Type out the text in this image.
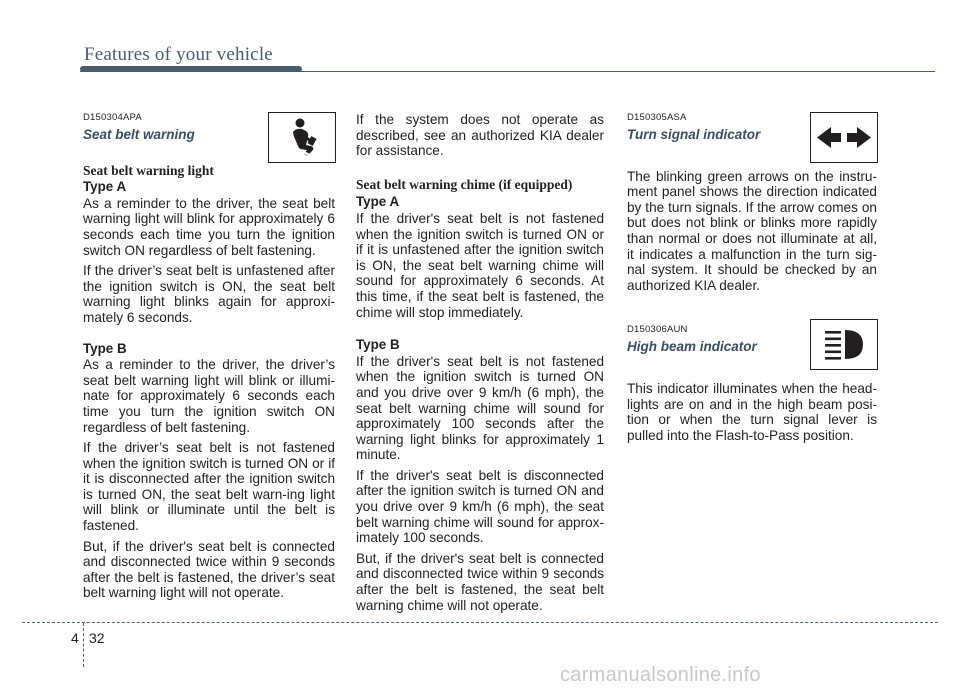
Features of your vehicle

D150304APA

Seat belt warning

Seat belt warning light

Type A

As a reminder to the driver, the seat belt warning light will blink for approximately 6 seconds each time you turn the ignition switch ON regardless of belt fastening.

If the driver’s seat belt is unfastened after the ignition switch is ON, the seat belt warning light blinks again for approxi-mately 6 seconds.

Type B

As a reminder to the driver, the driver’s seat belt warning light will blink or illumi-nate for approximately 6 seconds each time you turn the ignition switch ON regardless of belt fastening.

If the driver’s seat belt is not fastened when the ignition switch is turned ON or if it is disconnected after the ignition switch is turned ON, the seat belt warn-ing light will blink or illuminate until the belt is fastened.

But, if the driver's seat belt is connected and disconnected twice within 9 seconds after the belt is fastened, the driver’s seat belt warning light will not operate.

If the system does not operate as described, see an authorized KIA dealer for assistance.

Seat belt warning chime (if equipped)

Type A

If the driver's seat belt is not fastened when the ignition switch is turned ON or if it is unfastened after the ignition switch is ON, the seat belt warning chime will sound for approximately 6 seconds. At this time, if the seat belt is fastened, the chime will stop immediately.

Type B

If the driver's seat belt is not fastened when the ignition switch is turned ON and you drive over 9 km/h (6 mph), the seat belt warning chime will sound for approximately 100 seconds after the warning light blinks for approximately 1 minute.

If the driver's seat belt is disconnected after the ignition switch is turned ON and you drive over 9 km/h (6 mph), the seat belt warning chime will sound for approx-imately 100 seconds.

But, if the driver's seat belt is connected and disconnected twice within 9 seconds after the belt is fastened, the seat belt warning chime will not operate.

D150305ASA

Turn signal indicator

The blinking green arrows on the instru-ment panel shows the direction indicated by the turn signals. If the arrow comes on but does not blink or blinks more rapidly than normal or does not illuminate at all, it indicates a malfunction in the turn sig-nal system. It should be checked by an authorized KIA dealer.

D150306AUN

High beam indicator

This indicator illuminates when the head-lights are on and in the high beam posi-tion or when the turn signal lever is pulled into the Flash-to-Pass position.

4 32
carmanualsonline.info
